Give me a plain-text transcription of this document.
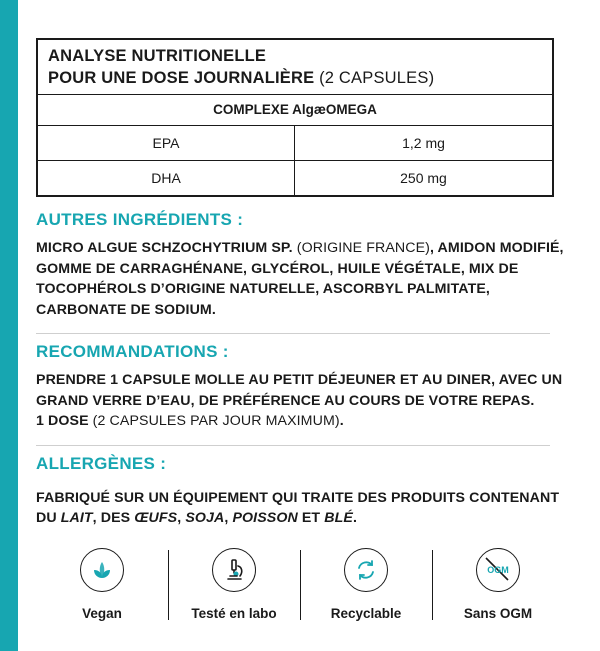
ANALYSE NUTRITIONELLE
POUR UNE DOSE JOURNALIÈRE (2 CAPSULES)
COMPLEXE AlgæOMEGA
EPA	1,2 mg
DHA	250 mg
AUTRES INGRÉDIENTS :

MICRO ALGUE SCHZOCHYTRIUM SP. (ORIGINE FRANCE), AMIDON MODIFIÉ, GOMME DE CARRAGHÉNANE, GLYCÉROL, HUILE VÉGÉTALE, MIX DE TOCOPHÉROLS D’ORIGINE NATURELLE, ASCORBYL PALMITATE, CARBONATE DE SODIUM.

RECOMMANDATIONS :

PRENDRE 1 CAPSULE MOLLE AU PETIT DÉJEUNER ET AU DINER, AVEC UN GRAND VERRE D’EAU, DE PRÉFÉRENCE AU COURS DE VOTRE REPAS.
1 DOSE (2 CAPSULES PAR JOUR MAXIMUM).

ALLERGÈNES :

FABRIQUÉ SUR UN ÉQUIPEMENT QUI TRAITE DES PRODUITS CONTENANT DU LAIT, DES ŒUFS, SOJA, POISSON ET BLÉ.

Vegan	Testé en labo	Recyclable
OGM
Sans OGM
